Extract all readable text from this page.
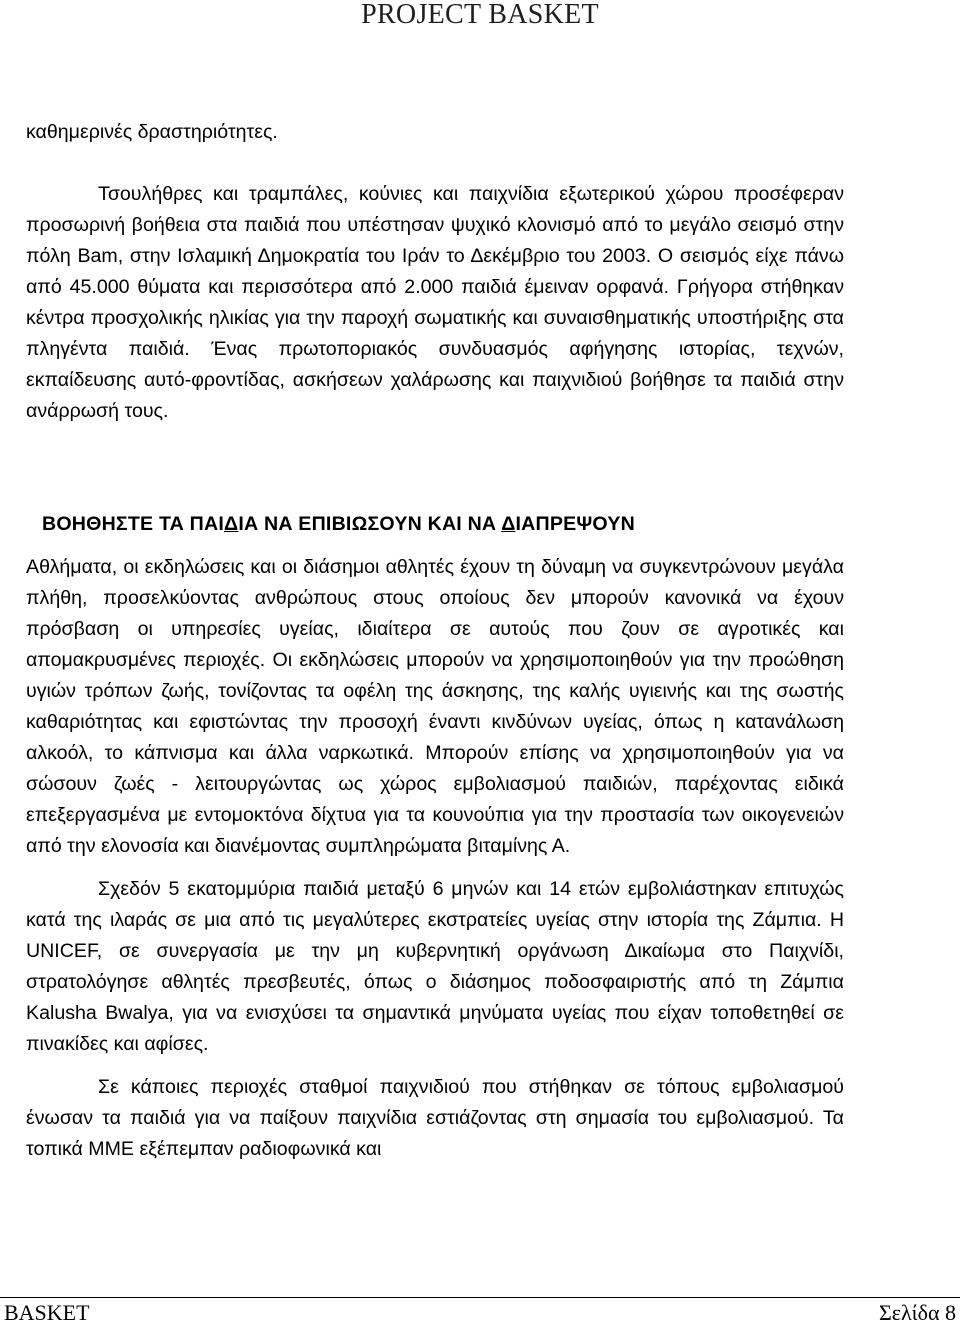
PROJECT BASKET

καθημερινές δραστηριότητες.

Τσουλήθρες και τραμπάλες, κούνιες και παιχνίδια εξωτερικού χώρου προσέφεραν προσωρινή βοήθεια στα παιδιά που υπέστησαν ψυχικό κλονισμό από το μεγάλο σεισμό στην πόλη Bam, στην Ισλαμική Δημοκρατία του Ιράν το Δεκέμβριο του 2003. Ο σεισμός είχε πάνω από 45.000 θύματα και περισσότερα από 2.000 παιδιά έμειναν ορφανά. Γρήγορα στήθηκαν κέντρα προσχολικής ηλικίας για την παροχή σωματικής και συναισθηματικής υποστήριξης στα πληγέντα παιδιά. Ένας πρωτοποριακός συνδυασμός αφήγησης ιστορίας, τεχνών, εκπαίδευσης αυτό-φροντίδας, ασκήσεων χαλάρωσης και παιχνιδιού βοήθησε τα παιδιά στην ανάρρωσή τους.

ΒΟΗΘΗΣΤΕ ΤΑ ΠΑΙΔΙΑ ΝΑ ΕΠΙΒΙΩΣΟΥΝ ΚΑΙ ΝΑ ΔΙΑΠΡΕΨΟΥΝ

Αθλήματα, οι εκδηλώσεις και οι διάσημοι αθλητές έχουν τη δύναμη να συγκεντρώνουν μεγάλα πλήθη, προσελκύοντας ανθρώπους στους οποίους δεν μπορούν κανονικά να έχουν πρόσβαση οι υπηρεσίες υγείας, ιδιαίτερα σε αυτούς που ζουν σε αγροτικές και απομακρυσμένες περιοχές. Οι εκδηλώσεις μπορούν να χρησιμοποιηθούν για την προώθηση υγιών τρόπων ζωής, τονίζοντας τα οφέλη της άσκησης, της καλής υγιεινής και της σωστής καθαριότητας και εφιστώντας την προσοχή έναντι κινδύνων υγείας, όπως η κατανάλωση αλκοόλ, το κάπνισμα και άλλα ναρκωτικά. Μπορούν επίσης να χρησιμοποιηθούν για να σώσουν ζωές - λειτουργώντας ως χώρος εμβολιασμού παιδιών, παρέχοντας ειδικά επεξεργασμένα με εντομοκτόνα δίχτυα για τα κουνούπια για την προστασία των οικογενειών από την ελονοσία και διανέμοντας συμπληρώματα βιταμίνης Α.

Σχεδόν 5 εκατομμύρια παιδιά μεταξύ 6 μηνών και 14 ετών εμβολιάστηκαν επιτυχώς κατά της ιλαράς σε μια από τις μεγαλύτερες εκστρατείες υγείας στην ιστορία της Ζάμπια. Η UNICEF, σε συνεργασία με την μη κυβερνητική οργάνωση Δικαίωμα στο Παιχνίδι, στρατολόγησε αθλητές πρεσβευτές, όπως ο διάσημος ποδοσφαιριστής από τη Ζάμπια Kalusha Bwalya, για να ενισχύσει τα σημαντικά μηνύματα υγείας που είχαν τοποθετηθεί σε πινακίδες και αφίσες.

Σε κάποιες περιοχές σταθμοί παιχνιδιού που στήθηκαν σε τόπους εμβολιασμού ένωσαν τα παιδιά για να παίξουν παιχνίδια εστιάζοντας στη σημασία του εμβολιασμού. Τα τοπικά ΜΜΕ εξέπεμπαν ραδιοφωνικά και

BASKET	Σελίδα 8
